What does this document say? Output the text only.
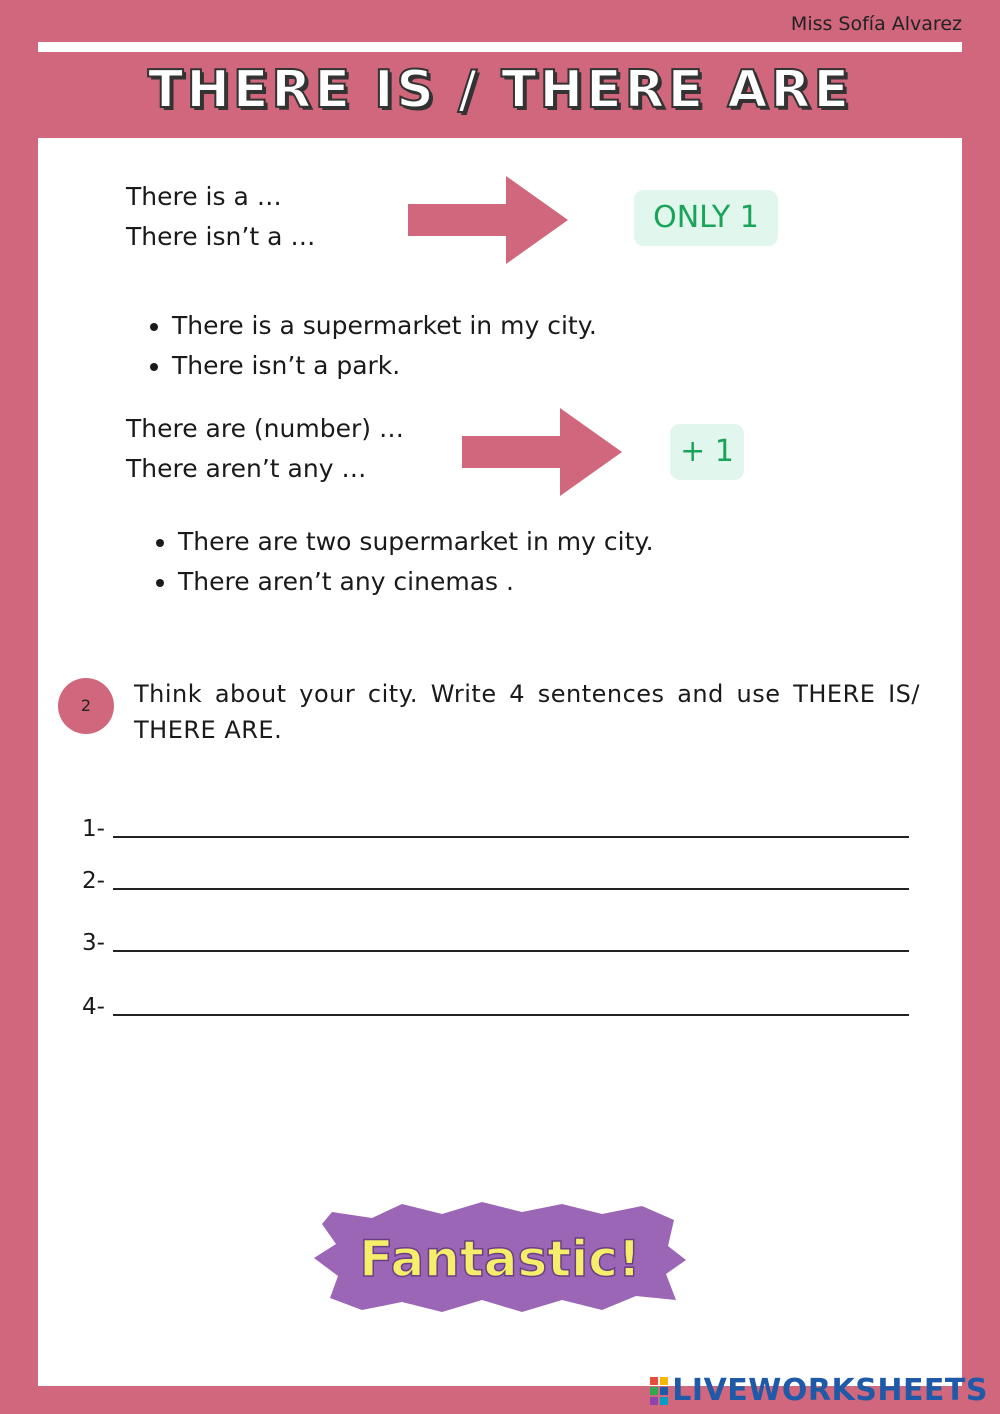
Miss Sofía Alvarez
THERE IS / THERE ARE
There is a …
There isn’t a …
ONLY 1
• There is a supermarket in my city.
• There isn’t a park.
There are (number) …
There aren’t any …	+ 1
• There are two supermarket in my city.
• There aren’t any cinemas .
2	Think about your city. Write 4 sentences and use THERE IS/ THERE ARE.
1-
2-
3-
4-
Fantastic!
LIVEWORKSHEETS
